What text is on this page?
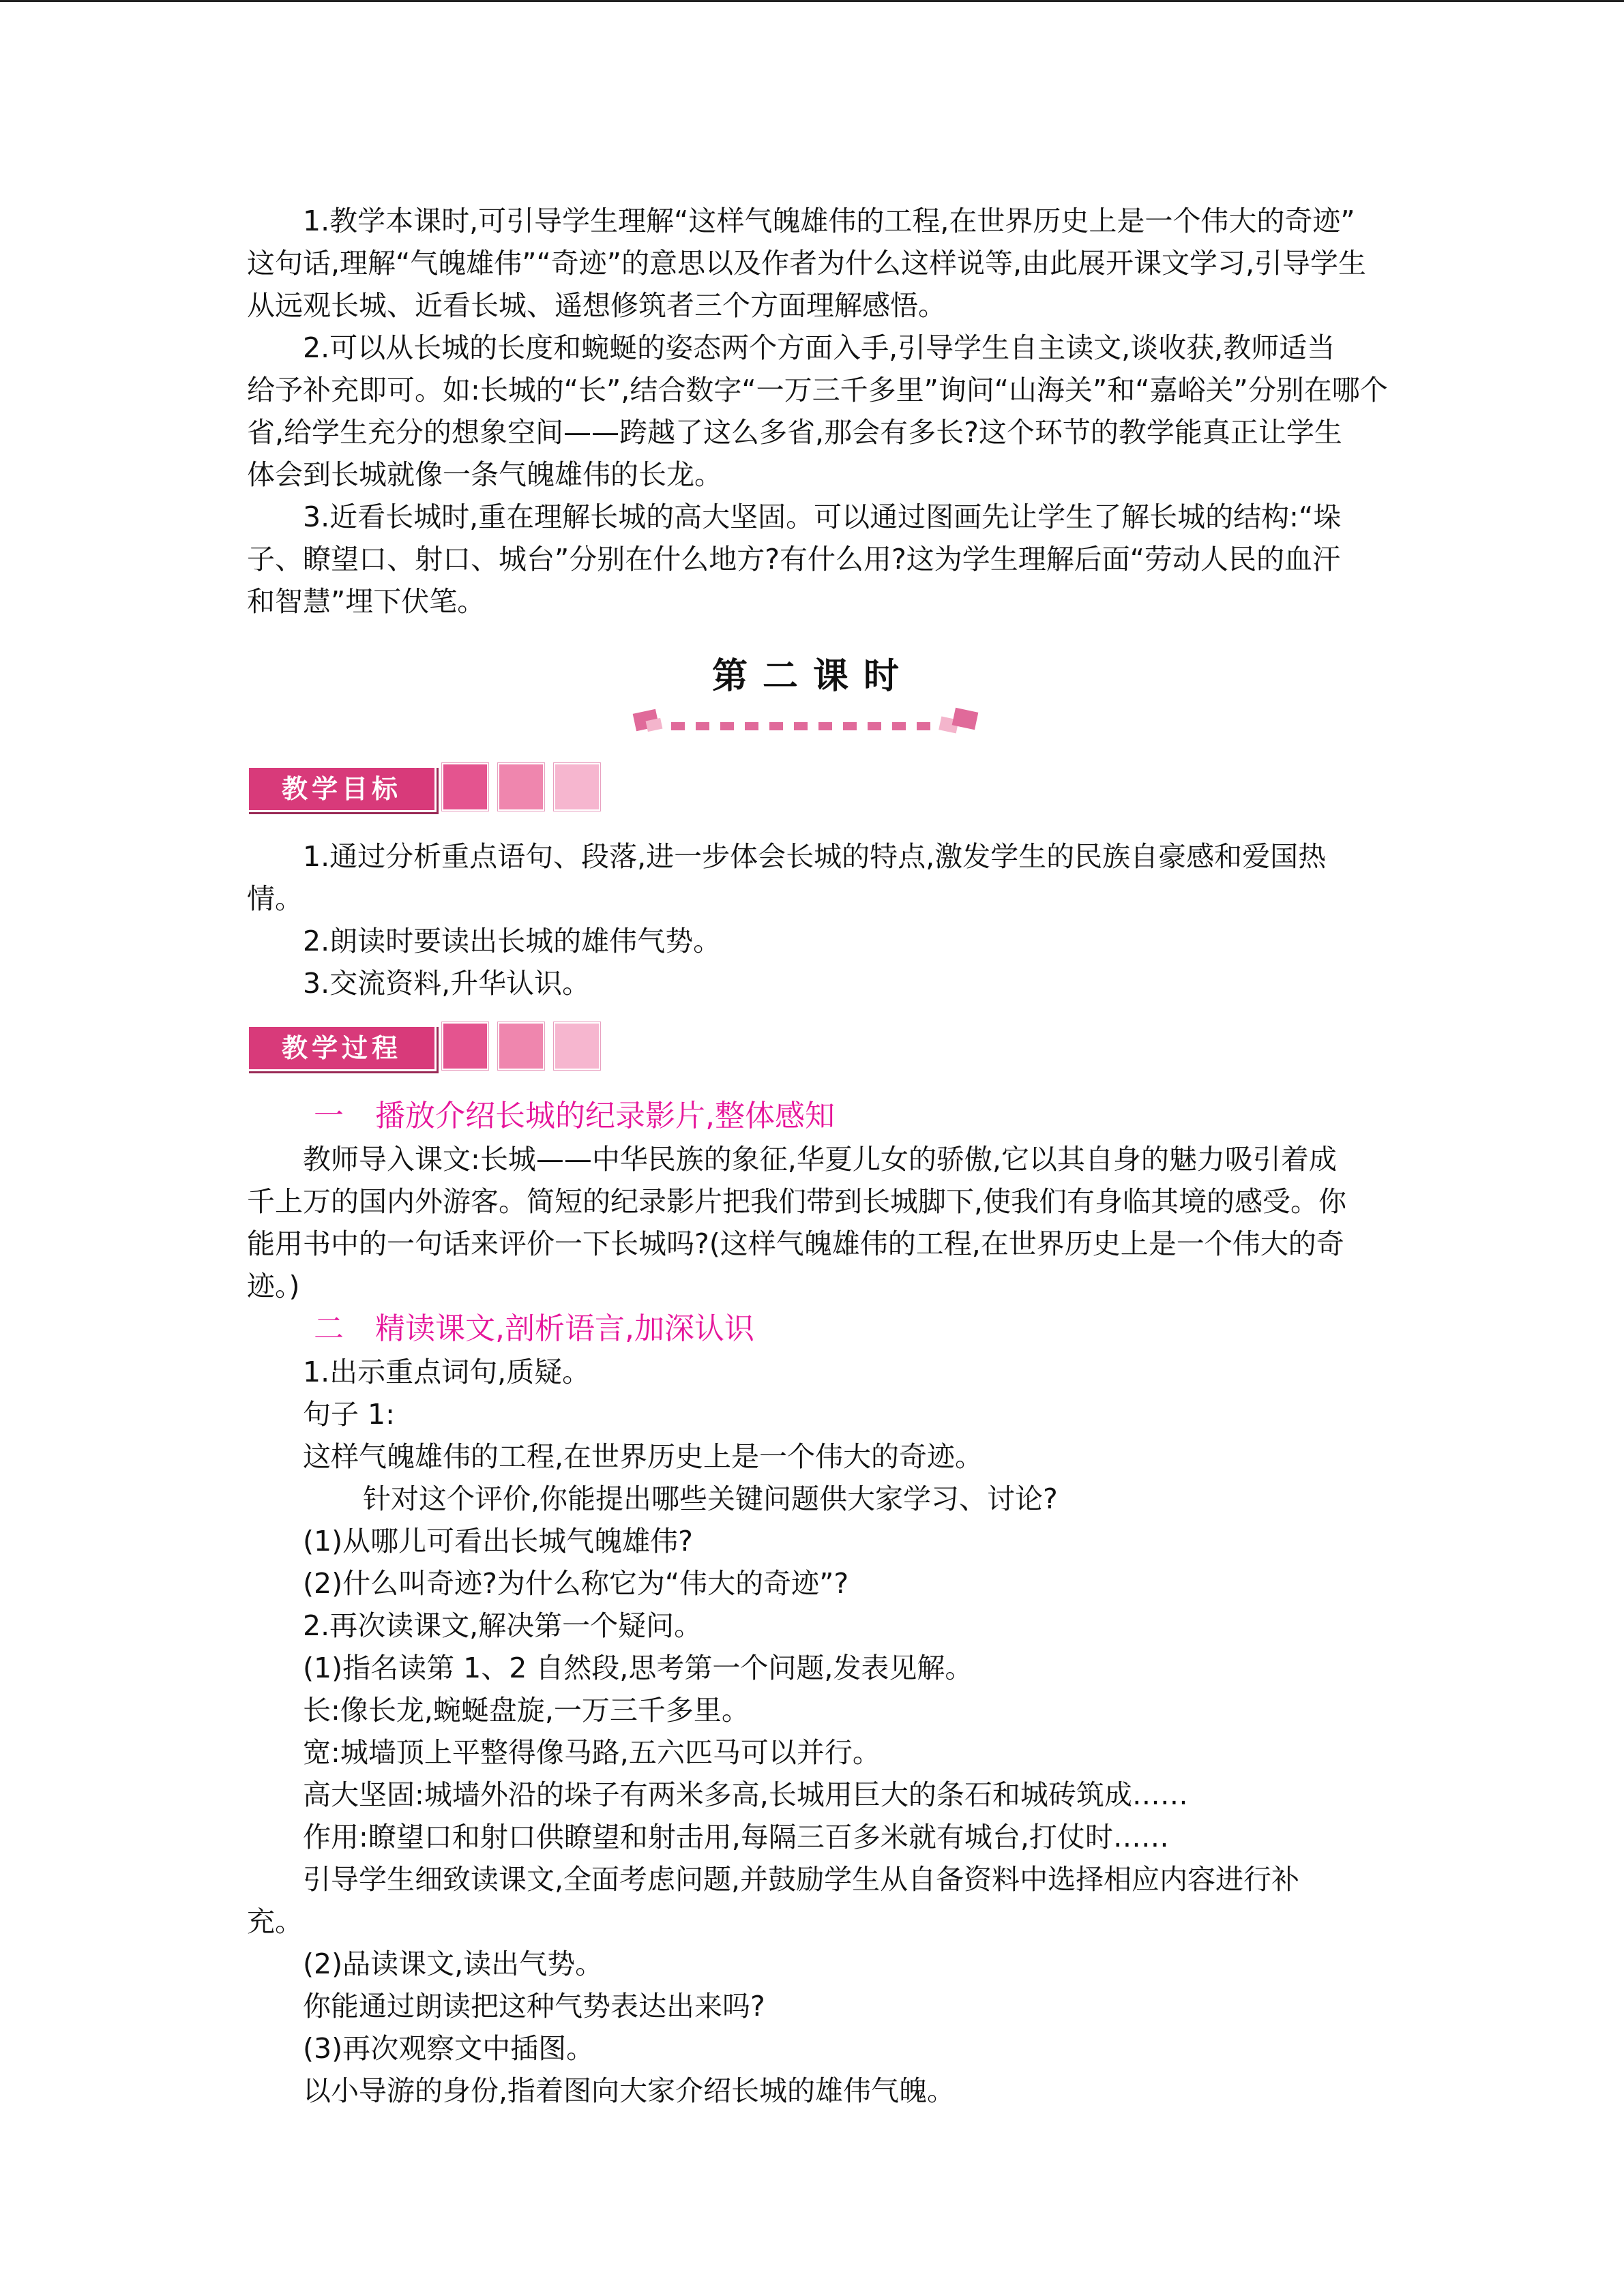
1.教学本课时,可引导学生理解“这样气魄雄伟的工程,在世界历史上是一个伟大的奇迹”

这句话,理解“气魄雄伟”“奇迹”的意思以及作者为什么这样说等,由此展开课文学习,引导学生

从远观长城、近看长城、遥想修筑者三个方面理解感悟。

2.可以从长城的长度和蜿蜒的姿态两个方面入手,引导学生自主读文,谈收获,教师适当

给予补充即可。如:长城的“长”,结合数字“一万三千多里”询问“山海关”和“嘉峪关”分别在哪个

省,给学生充分的想象空间——跨越了这么多省,那会有多长?这个环节的教学能真正让学生

体会到长城就像一条气魄雄伟的长龙。

3.近看长城时,重在理解长城的高大坚固。可以通过图画先让学生了解长城的结构:“垛

子、瞭望口、射口、城台”分别在什么地方?有什么用?这为学生理解后面“劳动人民的血汗

和智慧”埋下伏笔。

第二课时
教学目标

1.通过分析重点语句、段落,进一步体会长城的特点,激发学生的民族自豪感和爱国热

情。

2.朗读时要读出长城的雄伟气势。

3.交流资料,升华认识。

教学过程

一 播放介绍长城的纪录影片,整体感知

教师导入课文:长城——中华民族的象征,华夏儿女的骄傲,它以其自身的魅力吸引着成

千上万的国内外游客。简短的纪录影片把我们带到长城脚下,使我们有身临其境的感受。你

能用书中的一句话来评价一下长城吗?(这样气魄雄伟的工程,在世界历史上是一个伟大的奇

迹。)

二 精读课文,剖析语言,加深认识

1.出示重点词句,质疑。

句子 1:

这样气魄雄伟的工程,在世界历史上是一个伟大的奇迹。

针对这个评价,你能提出哪些关键问题供大家学习、讨论?

(1)从哪儿可看出长城气魄雄伟?

(2)什么叫奇迹?为什么称它为“伟大的奇迹”?

2.再次读课文,解决第一个疑问。

(1)指名读第 1、2 自然段,思考第一个问题,发表见解。

长:像长龙,蜿蜒盘旋,一万三千多里。

宽:城墙顶上平整得像马路,五六匹马可以并行。

高大坚固:城墙外沿的垛子有两米多高,长城用巨大的条石和城砖筑成……

作用:瞭望口和射口供瞭望和射击用,每隔三百多米就有城台,打仗时……

引导学生细致读课文,全面考虑问题,并鼓励学生从自备资料中选择相应内容进行补

充。

(2)品读课文,读出气势。

你能通过朗读把这种气势表达出来吗?

(3)再次观察文中插图。

以小导游的身份,指着图向大家介绍长城的雄伟气魄。
